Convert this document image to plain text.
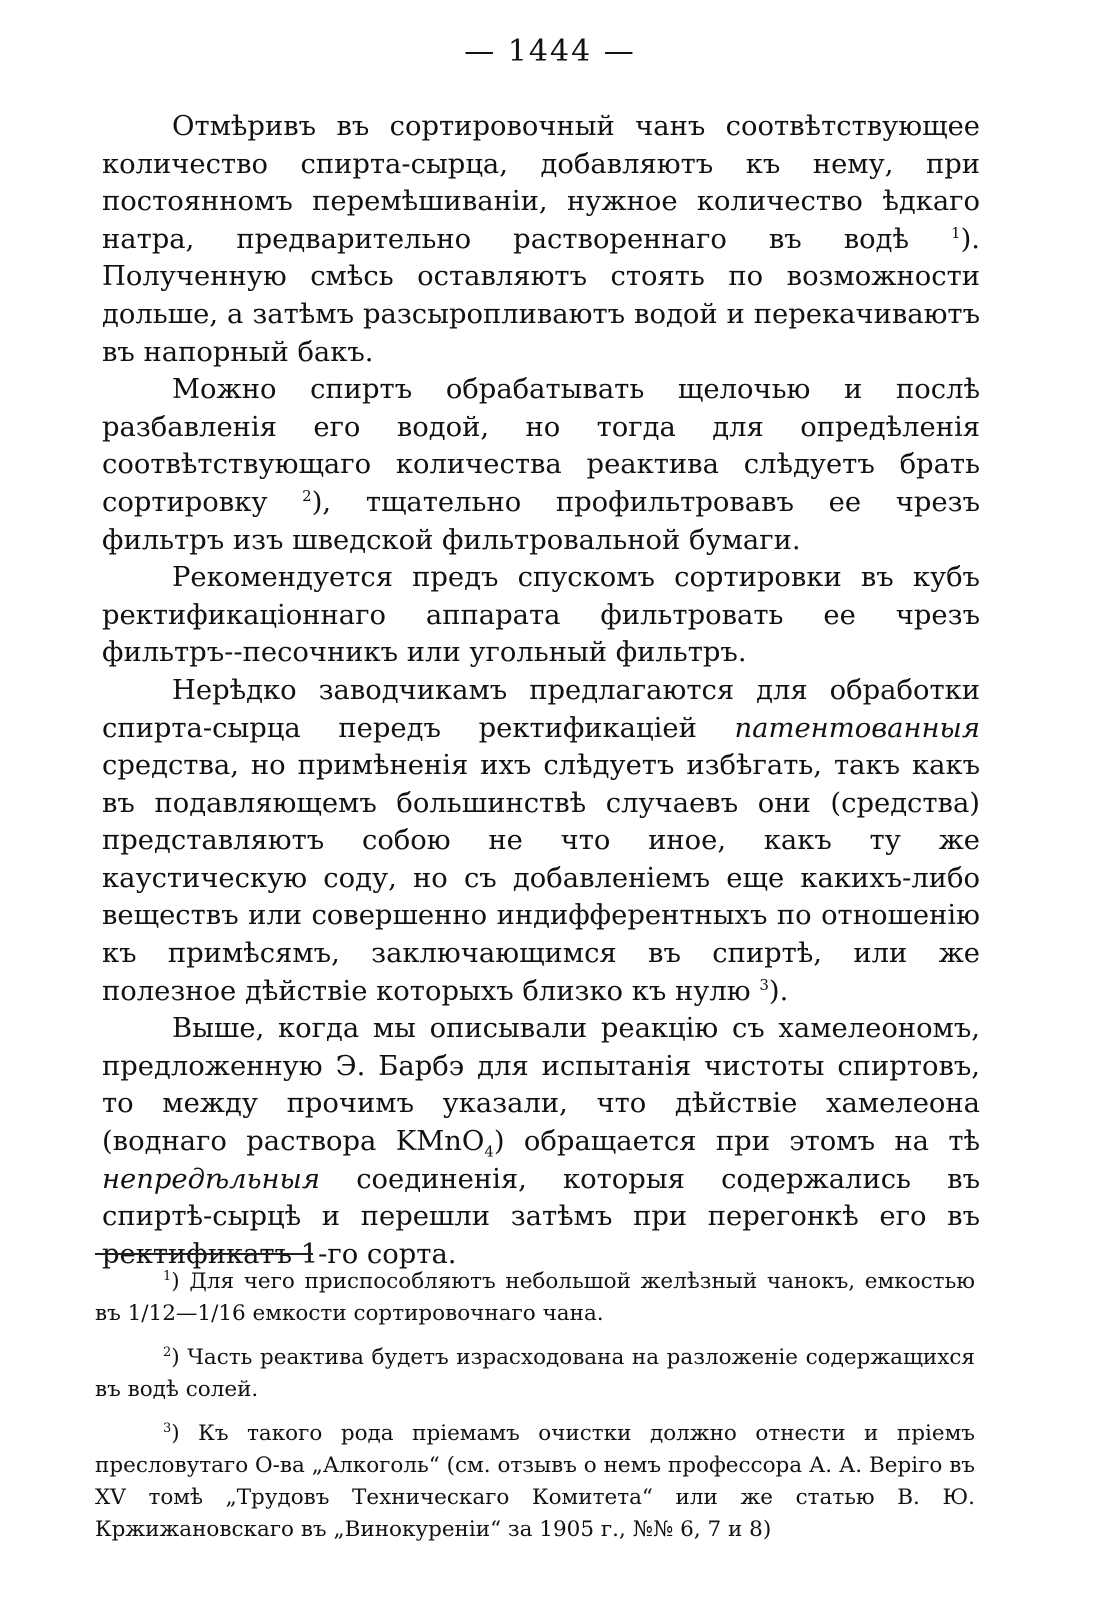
— 1444 —

Отмѣривъ въ сортировочный чанъ соотвѣтствующее количество спирта-сырца, добавляютъ къ нему, при постоянномъ перемѣшиваніи, нужное количество ѣдкаго натра, предварительно раствореннаго въ водѣ $^1$). Полученную смѣсь оставляютъ стоять по возможности дольше, а затѣмъ разсыропливаютъ водой и перекачиваютъ въ напорный бакъ.

Можно спиртъ обрабатывать щелочью и послѣ разбавленія его водой, но тогда для опредѣленія соотвѣтствующаго количества реактива слѣдуетъ брать сортировку $^2$), тщательно профильтровавъ ее чрезъ фильтръ изъ шведской фильтровальной бумаги.

Рекомендуется предъ спускомъ сортировки въ кубъ ректификаціоннаго аппарата фильтровать ее чрезъ фильтръ--песочникъ или угольный фильтръ.

Нерѣдко заводчикамъ предлагаются для обработки спирта-сырца передъ ректификаціей патентованныя средства, но примѣненія ихъ слѣдуетъ избѣгать, такъ какъ въ подавляющемъ большинствѣ случаевъ они (средства) представляютъ собою не что иное, какъ ту же каустическую соду, но съ добавленіемъ еще какихъ-либо веществъ или совершенно индифферентныхъ по отношенію къ примѣсямъ, заключающимся въ спиртѣ, или же полезное дѣйствіе которыхъ близко къ нулю $^3$).

Выше, когда мы описывали реакцію съ хамелеономъ, предложенную Э. Барбэ для испытанія чистоты спиртовъ, то между прочимъ указали, что дѣйствіе хамелеона (воднаго раствора KMnO$_4$) обращается при этомъ на тѣ непредѣльныя соединенія, которыя содержались въ спиртѣ-сырцѣ и перешли затѣмъ при перегонкѣ его въ ректификатъ 1-го сорта.

$^1$) Для чего приспособляютъ небольшой желѣзный чанокъ, емкостью въ 1/12—1/16 емкости сортировочнаго чана.

$^2$) Часть реактива будетъ израсходована на разложеніе содержащихся въ водѣ солей.

$^3$) Къ такого рода пріемамъ очистки должно отнести и пріемъ пресловутаго О-ва „Алкоголь“ (см. отзывъ о немъ профессора А. А. Веріго въ XV томѣ „Трудовъ Техническаго Комитета“ или же статью В. Ю. Кржижановскаго въ „Винокуреніи“ за 1905 г., №№ 6, 7 и 8)
